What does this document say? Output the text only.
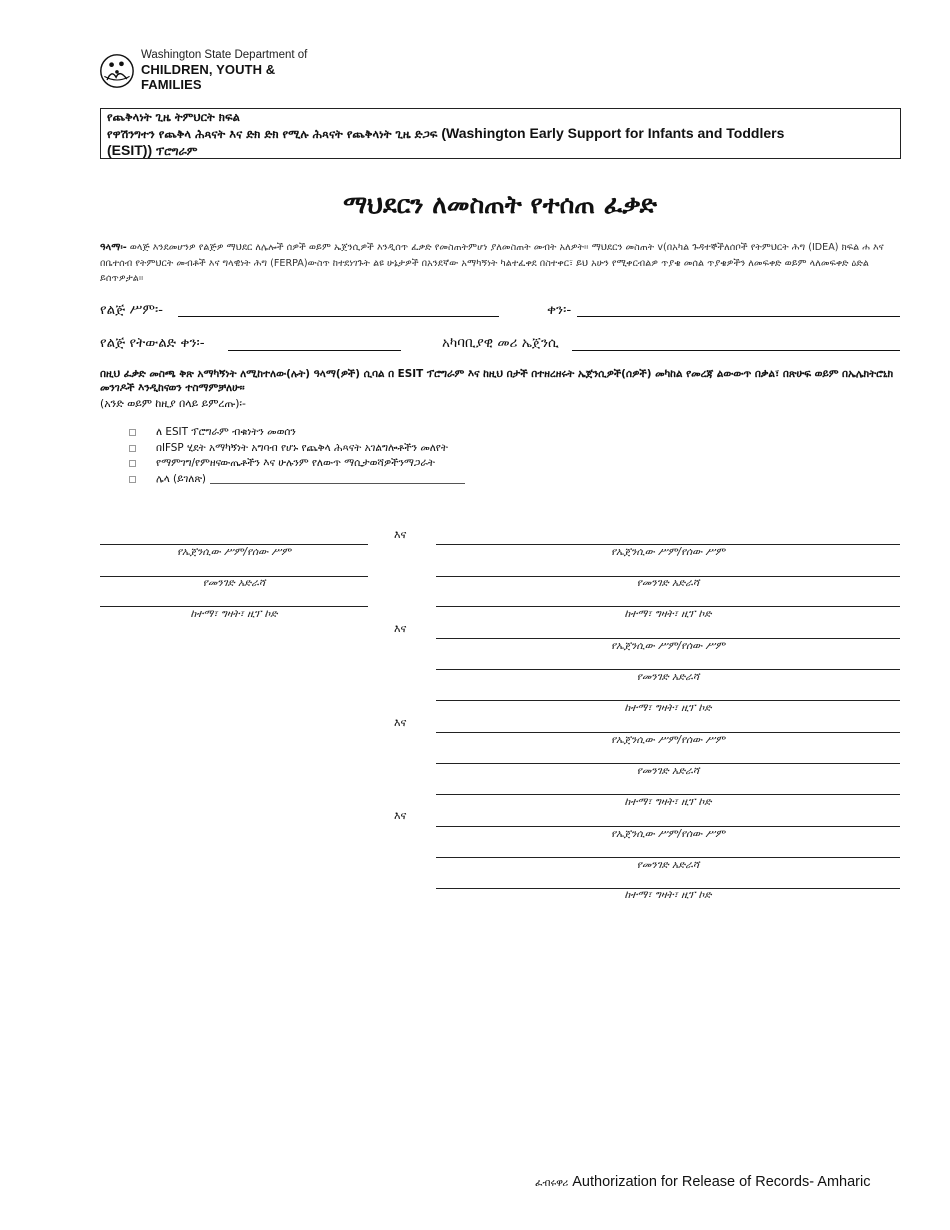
Washington State Department of
CHILDREN, YOUTH & FAMILIES
የጨቅላነት ጊዜ ትምህርት ክፍል
የዋሽንግተን የጨቅላ ሕጻናት እና ድክ ድክ የሚሉ ሕጻናት የጨቅላነት ጊዜ ድጋፍ (Washington Early Support for Infants and Toddlers
(ESIT)) ፕሮግራም
ማህደርን ለመስጠት የተሰጠ ፈቃድ
ዓላማ፡- ወላጅ እንደመሆንዎ የልጅዎ ማህደር ለሌሎች ሰዎች ወይም ኤጀንሲዎች እንዲሰጥ ፈቃድ የመስጠትምሆነ ያለመስጠት መብት አለዎት፡፡ ማህደርን መስጠት v(በአካል ጉዳተኞችለሰቦች የትምህርት ሕግ (IDEA) ክፍል ሐ እና በቤተሰብ የትምህርት መብቶች እና ግላዊነት ሕግ (FERPA)ውስጥ ከተደነገጉት ልዩ ሁኔታዎች በአንደኛው አማካኝነት ካልተፈቀደ በስተቀር፣ ይህ አሁን የሚቀርብልዎ ጥያቄ መሰል ጥያቄዎችን ለመፍቀድ ወይም ላለመፍቀድ ዕድል ይሰጥዎታል።
የልጅ ሥም፡-	ቀን፡-
የልጅ የትውልድ ቀን፡-	አካባቢያዊ መሪ ኤጀንሲ
በዚህ ፈቃድ መስጫ ቅጽ አማካኝነት ለሚከተለው(ሉት) ዓላማ(ዎች) ሲባል በ ESIT ፕሮግራም እና ከዚህ በታች በተዘረዘሩት ኤጀንሲዎች(ሰዎች) መካከል የመረጃ ልውውጥ በቃል፣ በጽሁፍ ወይም በኤሌክትሮኒክ መንገዶች እንዲከናወን ተስማምቻለሁ።
(አንድ ወይም ከዚያ በላይ ይምረጡ)፡-
ለ ESIT ፕሮግራም ብቁነትን መወሰን
በIFSP ሂደት አማካኝነት አግባብ የሆኑ የጨቅላ ሕጻናት አገልግሎቶችን መለየት
የማምገግ/የምዘናውጤቶችን እና ሁሉንም የለውጥ ማሲታወሻዎችንማጋራት
ሌላ (ይገለጽ)
የኤጀንሲው ሥም/የሰው ሥም
የመንገድ አድራሻ
ከተማ፣ ግዛት፣ ዚፕ ኮድ
እና
እና
እና
እና
የኤጀንሲው ሥም/የሰው ሥም
የመንገድ አድራሻ
ከተማ፣ ግዛት፣ ዚፕ ኮድ
የኤጀንሲው ሥም/የሰው ሥም
የመንገድ አድራሻ
ከተማ፣ ግዛት፣ ዚፕ ኮድ
የኤጀንሲው ሥም/የሰው ሥም
የመንገድ አድራሻ
ከተማ፣ ግዛት፣ ዚፕ ኮድ
የኤጀንሲው ሥም/የሰው ሥም
የመንገድ አድራሻ
ከተማ፣ ግዛት፣ ዚፕ ኮድ
ፈብሩዋሪ Authorization for Release of Records- Amharic
